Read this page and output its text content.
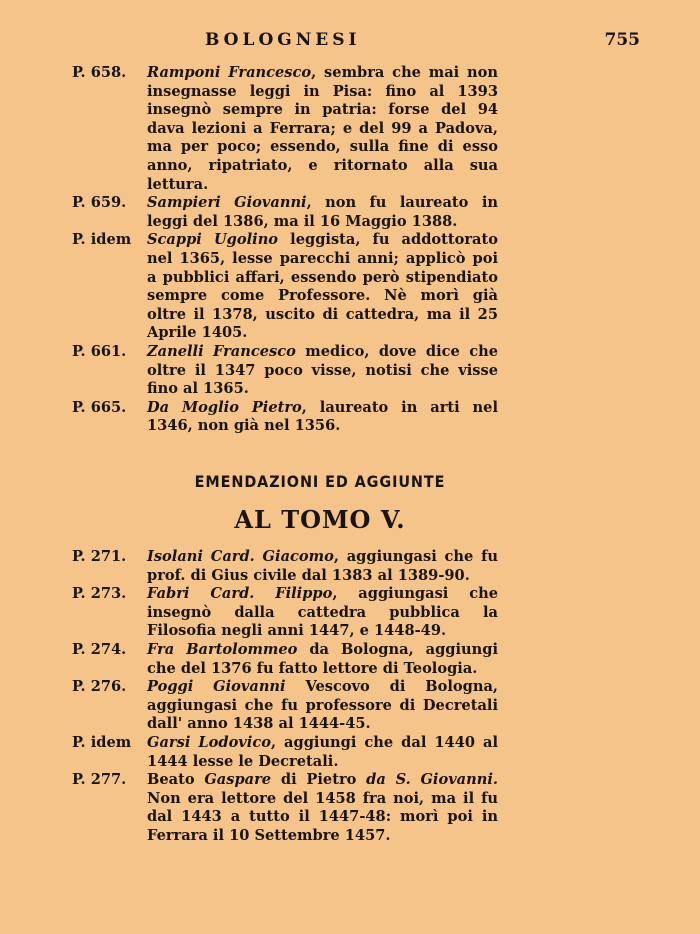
BOLOGNESI	755
P. 658.	Ramponi Francesco, sembra che mai non insegnasse leggi in Pisa: fino al 1393 insegnò sempre in patria: forse del 94 dava lezioni a Ferrara; e del 99 a Padova, ma per poco; essendo, sulla fine di esso anno, ripatriato, e ritornato alla sua lettura.
P. 659.	Sampieri Giovanni, non fu laureato in leggi del 1386, ma il 16 Maggio 1388.
P. idem	Scappi Ugolino leggista, fu addottorato nel 1365, lesse parecchi anni; applicò poi a pubblici affari, essendo però stipendiato sempre come Professore. Nè morì già oltre il 1378, uscito di cattedra, ma il 25 Aprile 1405.
P. 661.	Zanelli Francesco medico, dove dice che oltre il 1347 poco visse, notisi che visse fino al 1365.
P. 665.	Da Moglio Pietro, laureato in arti nel 1346, non già nel 1356.
EMENDAZIONI ED AGGIUNTE
AL TOMO V.
P. 271.	Isolani Card. Giacomo, aggiungasi che fu prof. di Gius civile dal 1383 al 1389-90.
P. 273.	Fabri Card. Filippo, aggiungasi che insegnò dalla cattedra pubblica la Filosofia negli anni 1447, e 1448-49.
P. 274.	Fra Bartolommeo da Bologna, aggiungi che del 1376 fu fatto lettore di Teologia.
P. 276.	Poggi Giovanni Vescovo di Bologna, aggiungasi che fu professore di Decretali dall' anno 1438 al 1444-45.
P. idem	Garsi Lodovico, aggiungi che dal 1440 al 1444 lesse le Decretali.
P. 277.	Beato Gaspare di Pietro da S. Giovanni. Non era lettore del 1458 fra noi, ma il fu dal 1443 a tutto il 1447-48: morì poi in Ferrara il 10 Settembre 1457.
